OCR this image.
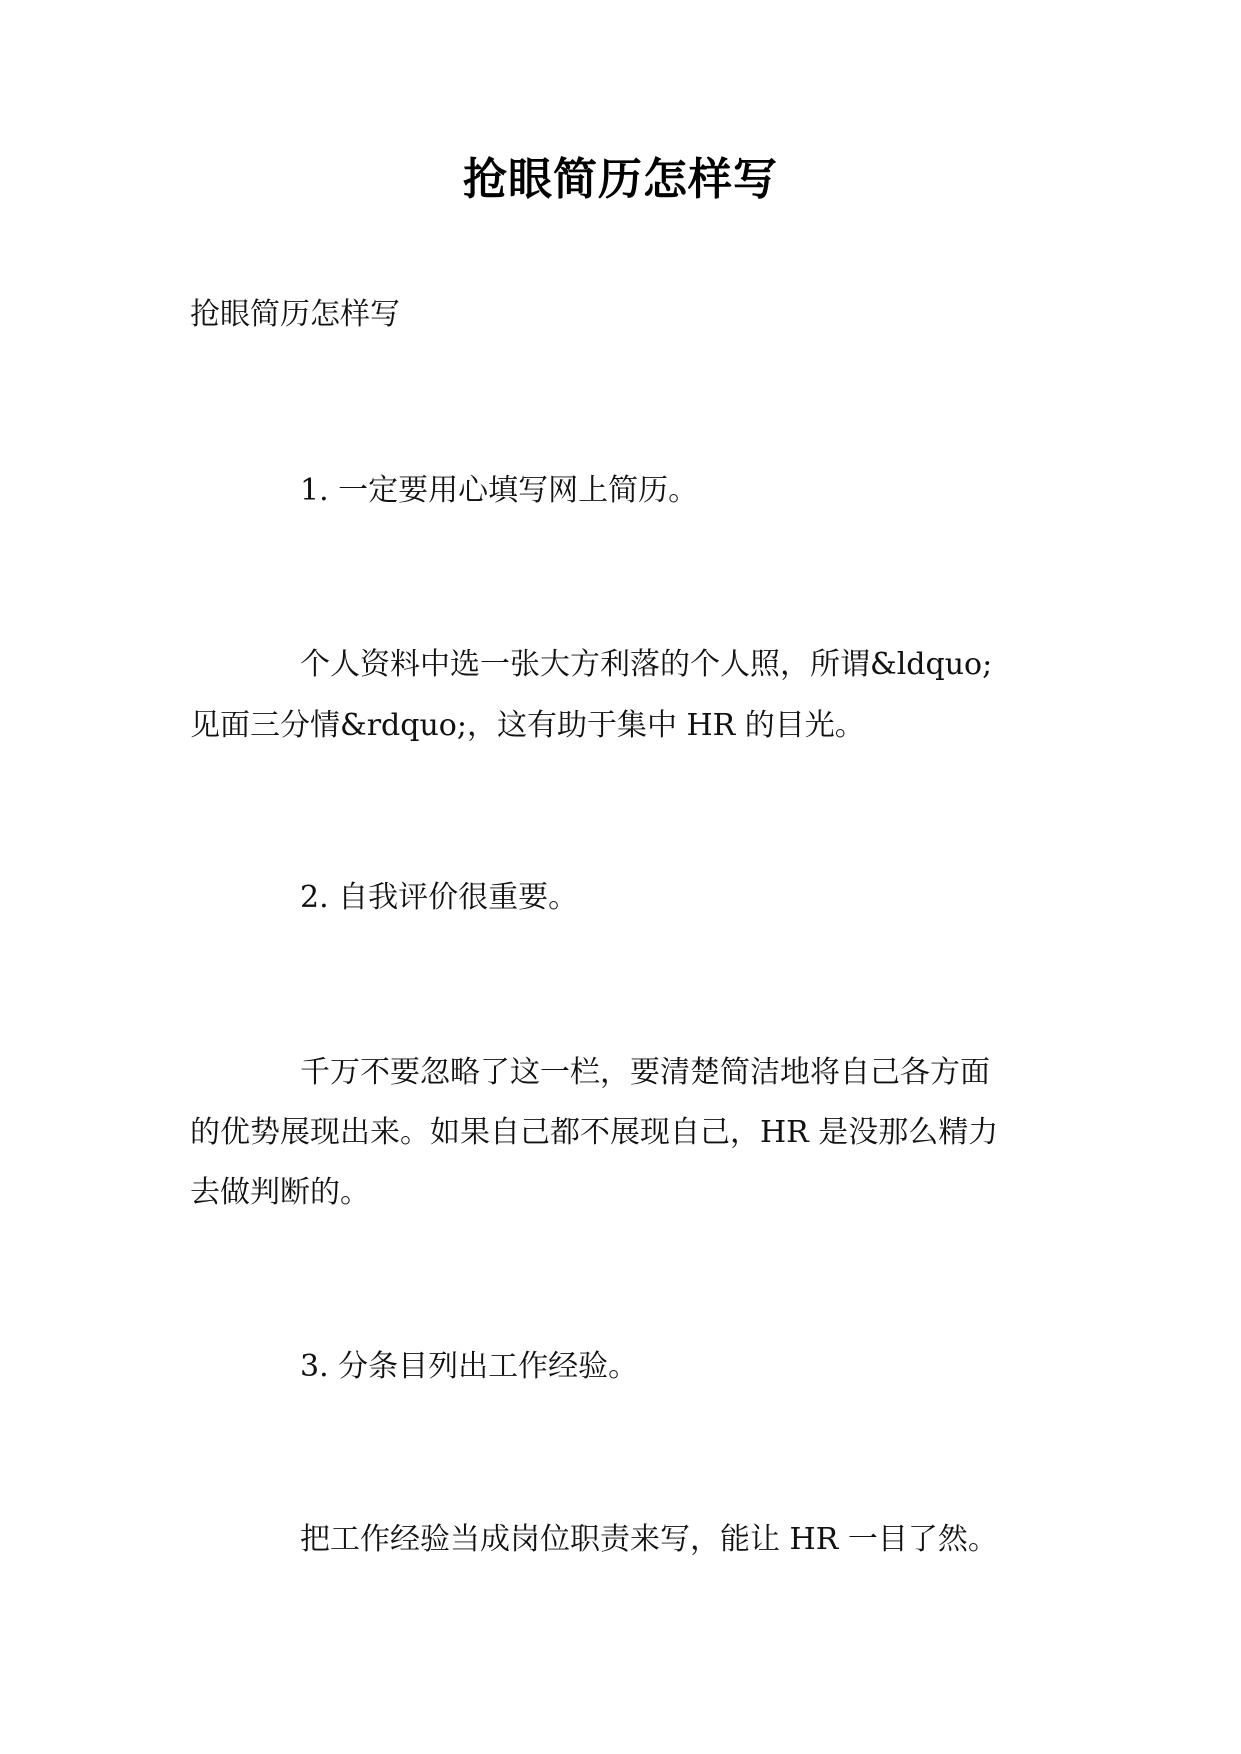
抢眼简历怎样写
抢眼简历怎样写
1. 一定要用心填写网上简历。
个人资料中选一张大方利落的个人照，所谓&ldquo;
见面三分情&rdquo;，这有助于集中 HR 的目光。
2. 自我评价很重要。
千万不要忽略了这一栏，要清楚简洁地将自己各方面
的优势展现出来。如果自己都不展现自己，HR 是没那么精力
去做判断的。
3. 分条目列出工作经验。
把工作经验当成岗位职责来写，能让 HR 一目了然。
